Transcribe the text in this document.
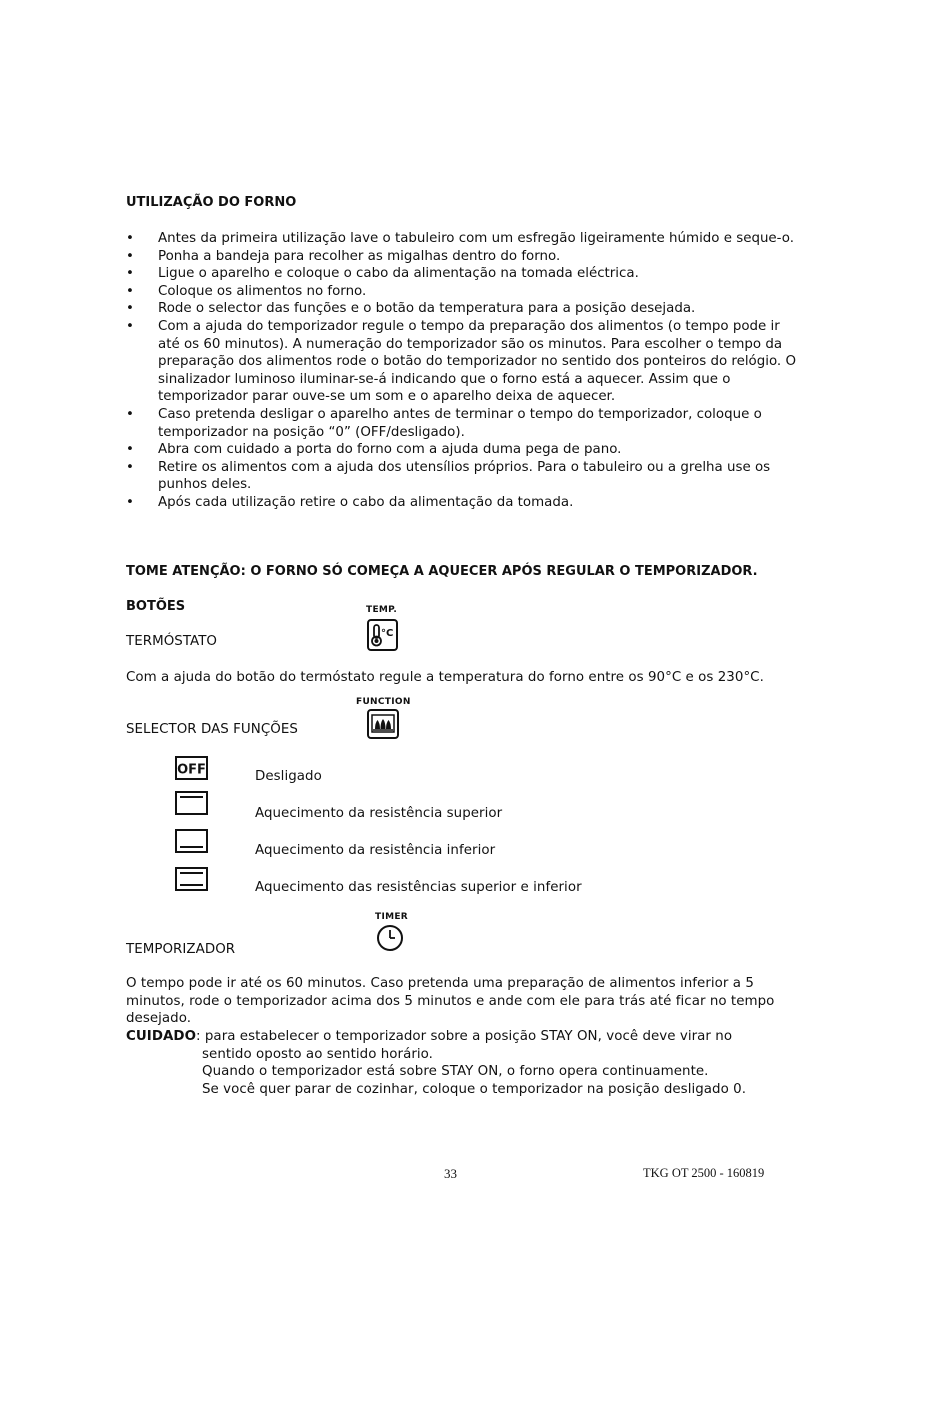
UTILIZAÇÃO DO FORNO
• Antes da primeira utilização lave o tabuleiro com um esfregão ligeiramente húmido e seque-o.
• Ponha a bandeja para recolher as migalhas dentro do forno.
• Ligue o aparelho e coloque o cabo da alimentação na tomada eléctrica.
• Coloque os alimentos no forno.
• Rode o selector das funções e o botão da temperatura para a posição desejada.
• Com a ajuda do temporizador regule o tempo da preparação dos alimentos (o tempo pode ir até os 60 minutos). A numeração do temporizador são os minutos. Para escolher o tempo da preparação dos alimentos rode o botão do temporizador no sentido dos ponteiros do relógio. O sinalizador luminoso iluminar-se-á indicando que o forno está a aquecer. Assim que o temporizador parar ouve-se um som e o aparelho deixa de aquecer.
• Caso pretenda desligar o aparelho antes de terminar o tempo do temporizador, coloque o temporizador na posição “0” (OFF/desligado).
• Abra com cuidado a porta do forno com a ajuda duma pega de pano.
• Retire os alimentos com a ajuda dos utensílios próprios. Para o tabuleiro ou a grelha use os punhos deles.
• Após cada utilização retire o cabo da alimentação da tomada.
TOME ATENÇÃO: O FORNO SÓ COMEÇA A AQUECER APÓS REGULAR O TEMPORIZADOR.
BOTÕES
TERMÓSTATO
TEMP.
°C
Com a ajuda do botão do termóstato regule a temperatura do forno entre os 90°C e os 230°C.
FUNCTION
SELECTOR DAS FUNÇÕES
OFF	Desligado
Aquecimento da resistência superior
Aquecimento da resistência inferior
Aquecimento das resistências superior e inferior
TIMER
TEMPORIZADOR
O tempo pode ir até os 60 minutos. Caso pretenda uma preparação de alimentos inferior a 5 minutos, rode o temporizador acima dos 5 minutos e ande com ele para trás até ficar no tempo desejado.
CUIDADO: para estabelecer o temporizador sobre a posição STAY ON, você deve virar no
sentido oposto ao sentido horário.
Quando o temporizador está sobre STAY ON, o forno opera continuamente.
Se você quer parar de cozinhar, coloque o temporizador na posição desligado 0.
33	TKG OT 2500 - 160819
